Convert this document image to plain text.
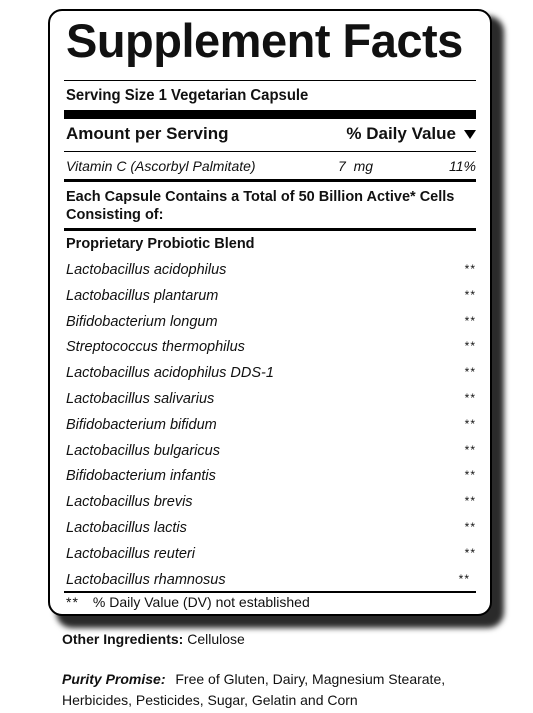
Supplement Facts
Serving Size 1 Vegetarian Capsule
Amount per Serving	% Daily Value
Vitamin C (Ascorbyl Palmitate)	7  mg	11%
Each Capsule Contains a Total of 50 Billion Active* Cells Consisting of:
Proprietary Probiotic Blend
Lactobacillus acidophilus	**
Lactobacillus plantarum	**
Bifidobacterium longum	**
Streptococcus thermophilus	**
Lactobacillus acidophilus DDS-1	**
Lactobacillus salivarius	**
Bifidobacterium bifidum	**
Lactobacillus bulgaricus	**
Bifidobacterium infantis	**
Lactobacillus brevis	**
Lactobacillus lactis	**
Lactobacillus reuteri	**
Lactobacillus rhamnosus	**
** % Daily Value (DV) not established
Other Ingredients: Cellulose
Purity Promise: Free of Gluten, Dairy, Magnesium Stearate, Herbicides, Pesticides, Sugar, Gelatin and Corn
